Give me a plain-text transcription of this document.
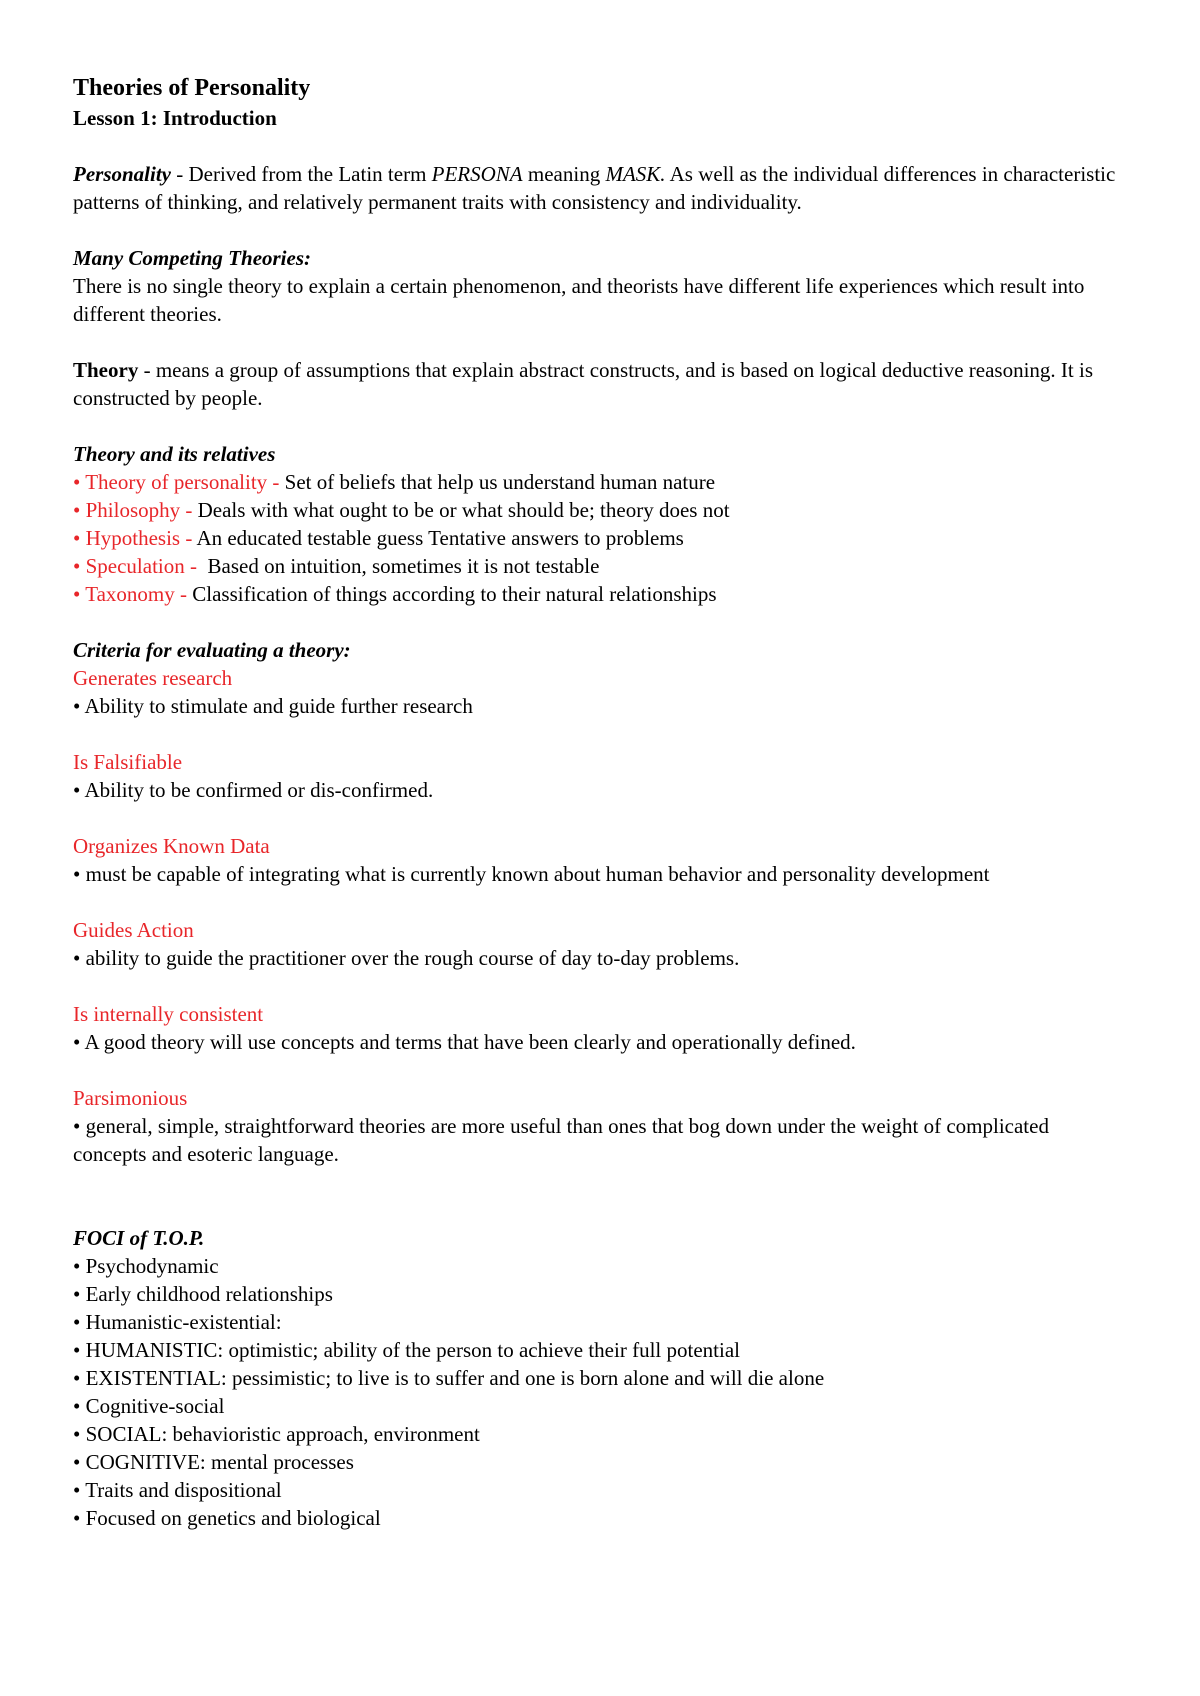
Theories of Personality
Lesson 1: Introduction

Personality - Derived from the Latin term PERSONA meaning MASK. As well as the individual differences in characteristic patterns of thinking, and relatively permanent traits with consistency and individuality.

Many Competing Theories:

There is no single theory to explain a certain phenomenon, and theorists have different life experiences which result into different theories.

Theory - means a group of assumptions that explain abstract constructs, and is based on logical deductive reasoning. It is constructed by people.

Theory and its relatives
• Theory of personality - Set of beliefs that help us understand human nature
• Philosophy - Deals with what ought to be or what should be; theory does not
• Hypothesis - An educated testable guess Tentative answers to problems
• Speculation -  Based on intuition, sometimes it is not testable
• Taxonomy - Classification of things according to their natural relationships
Criteria for evaluating a theory:
Generates research
• Ability to stimulate and guide further research
Is Falsifiable
• Ability to be confirmed or dis-confirmed.
Organizes Known Data
• must be capable of integrating what is currently known about human behavior and personality development
Guides Action
• ability to guide the practitioner over the rough course of day to-day problems.
Is internally consistent
• A good theory will use concepts and terms that have been clearly and operationally defined.
Parsimonious
• general, simple, straightforward theories are more useful than ones that bog down under the weight of complicated concepts and esoteric language.
FOCI of T.O.P.
• Psychodynamic
• Early childhood relationships
• Humanistic-existential:
• HUMANISTIC: optimistic; ability of the person to achieve their full potential
• EXISTENTIAL: pessimistic; to live is to suffer and one is born alone and will die alone
• Cognitive-social
• SOCIAL: behavioristic approach, environment
• COGNITIVE: mental processes
• Traits and dispositional
• Focused on genetics and biological
